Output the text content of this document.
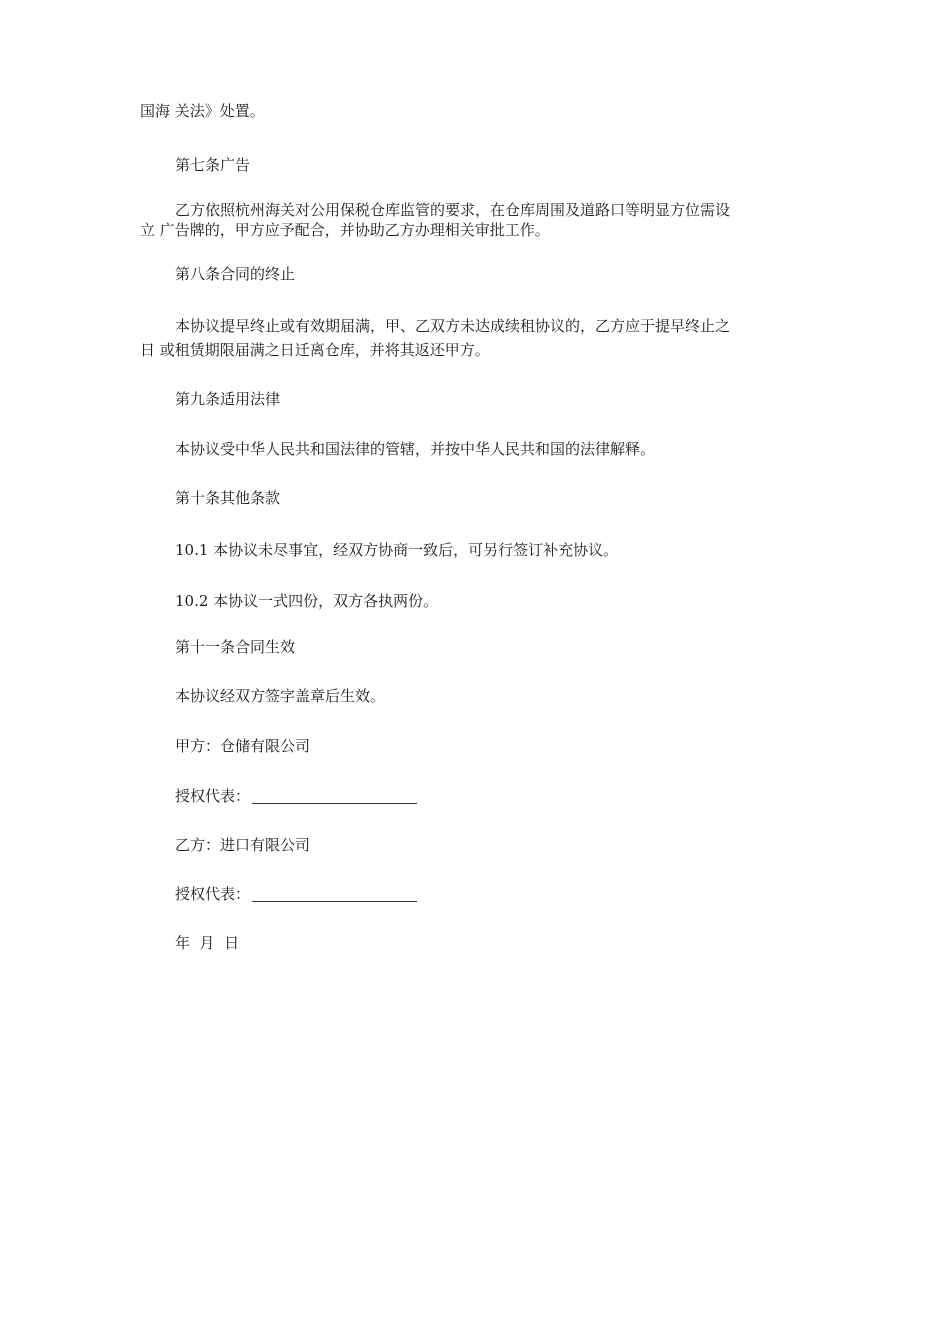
国海 关法》处置。
第七条广告
乙方依照杭州海关对公用保税仓库监管的要求，在仓库周围及道路口等明显方位需设
立 广告牌的，甲方应予配合，并协助乙方办理相关审批工作。
第八条合同的终止
本协议提早终止或有效期届满，甲、乙双方未达成续租协议的，乙方应于提早终止之
日 或租赁期限届满之日迁离仓库，并将其返还甲方。
第九条适用法律
本协议受中华人民共和国法律的管辖，并按中华人民共和国的法律解释。
第十条其他条款
10.1 本协议未尽事宜，经双方协商一致后，可另行签订补充协议。
10.2 本协议一式四份，双方各执两份。
第十一条合同生效
本协议经双方签字盖章后生效。
甲方：仓储有限公司
授权代表：
乙方：进口有限公司
授权代表：
年  月  日
